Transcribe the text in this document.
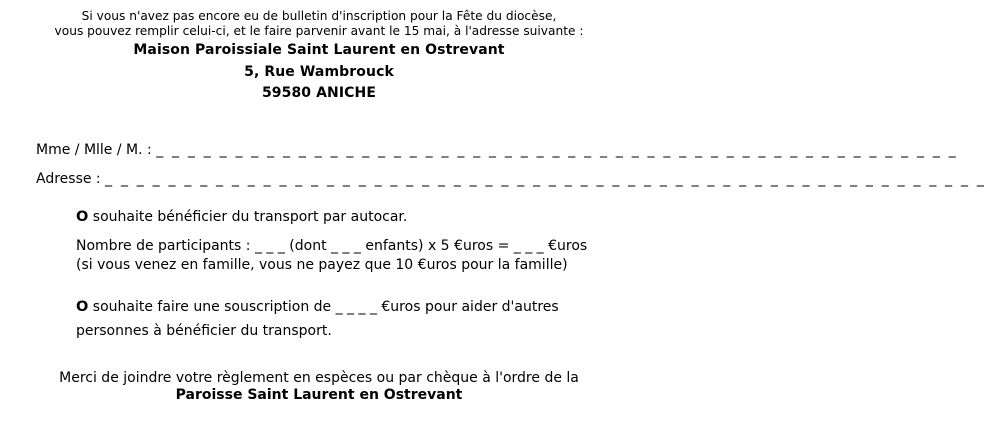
Si vous n'avez pas encore eu de bulletin d'inscription pour la Fête du diocèse,
vous pouvez remplir celui-ci, et le faire parvenir avant le 15 mai, à l'adresse suivante :
Maison Paroissiale Saint Laurent en Ostrevant
5, Rue Wambrouck
59580 ANICHE
Mme / Mlle / M. : _ _ _ _ _ _ _ _ _ _ _ _ _ _ _ _ _ _ _ _ _ _ _ _ _ _ _ _ _ _ _ _ _ _ _ _ _ _ _ _ _ _ _ _ _ _ _ _ _ _ _
Adresse : _ _ _ _ _ _ _ _ _ _ _ _ _ _ _ _ _ _ _ _ _ _ _ _ _ _ _ _ _ _ _ _ _ _ _ _ _ _ _ _ _ _ _ _ _ _ _ _ _ _ _ _ _ _ _ _
O souhaite bénéficier du transport par autocar.
Nombre de participants : _ _ _ (dont _ _ _ enfants) x 5 €uros = _ _ _ €uros
(si vous venez en famille, vous ne payez que 10 €uros pour la famille)
O souhaite faire une souscription de _ _ _ _ €uros pour aider d'autres
personnes à bénéficier du transport.
Merci de joindre votre règlement en espèces ou par chèque à l'ordre de la
Paroisse Saint Laurent en Ostrevant
